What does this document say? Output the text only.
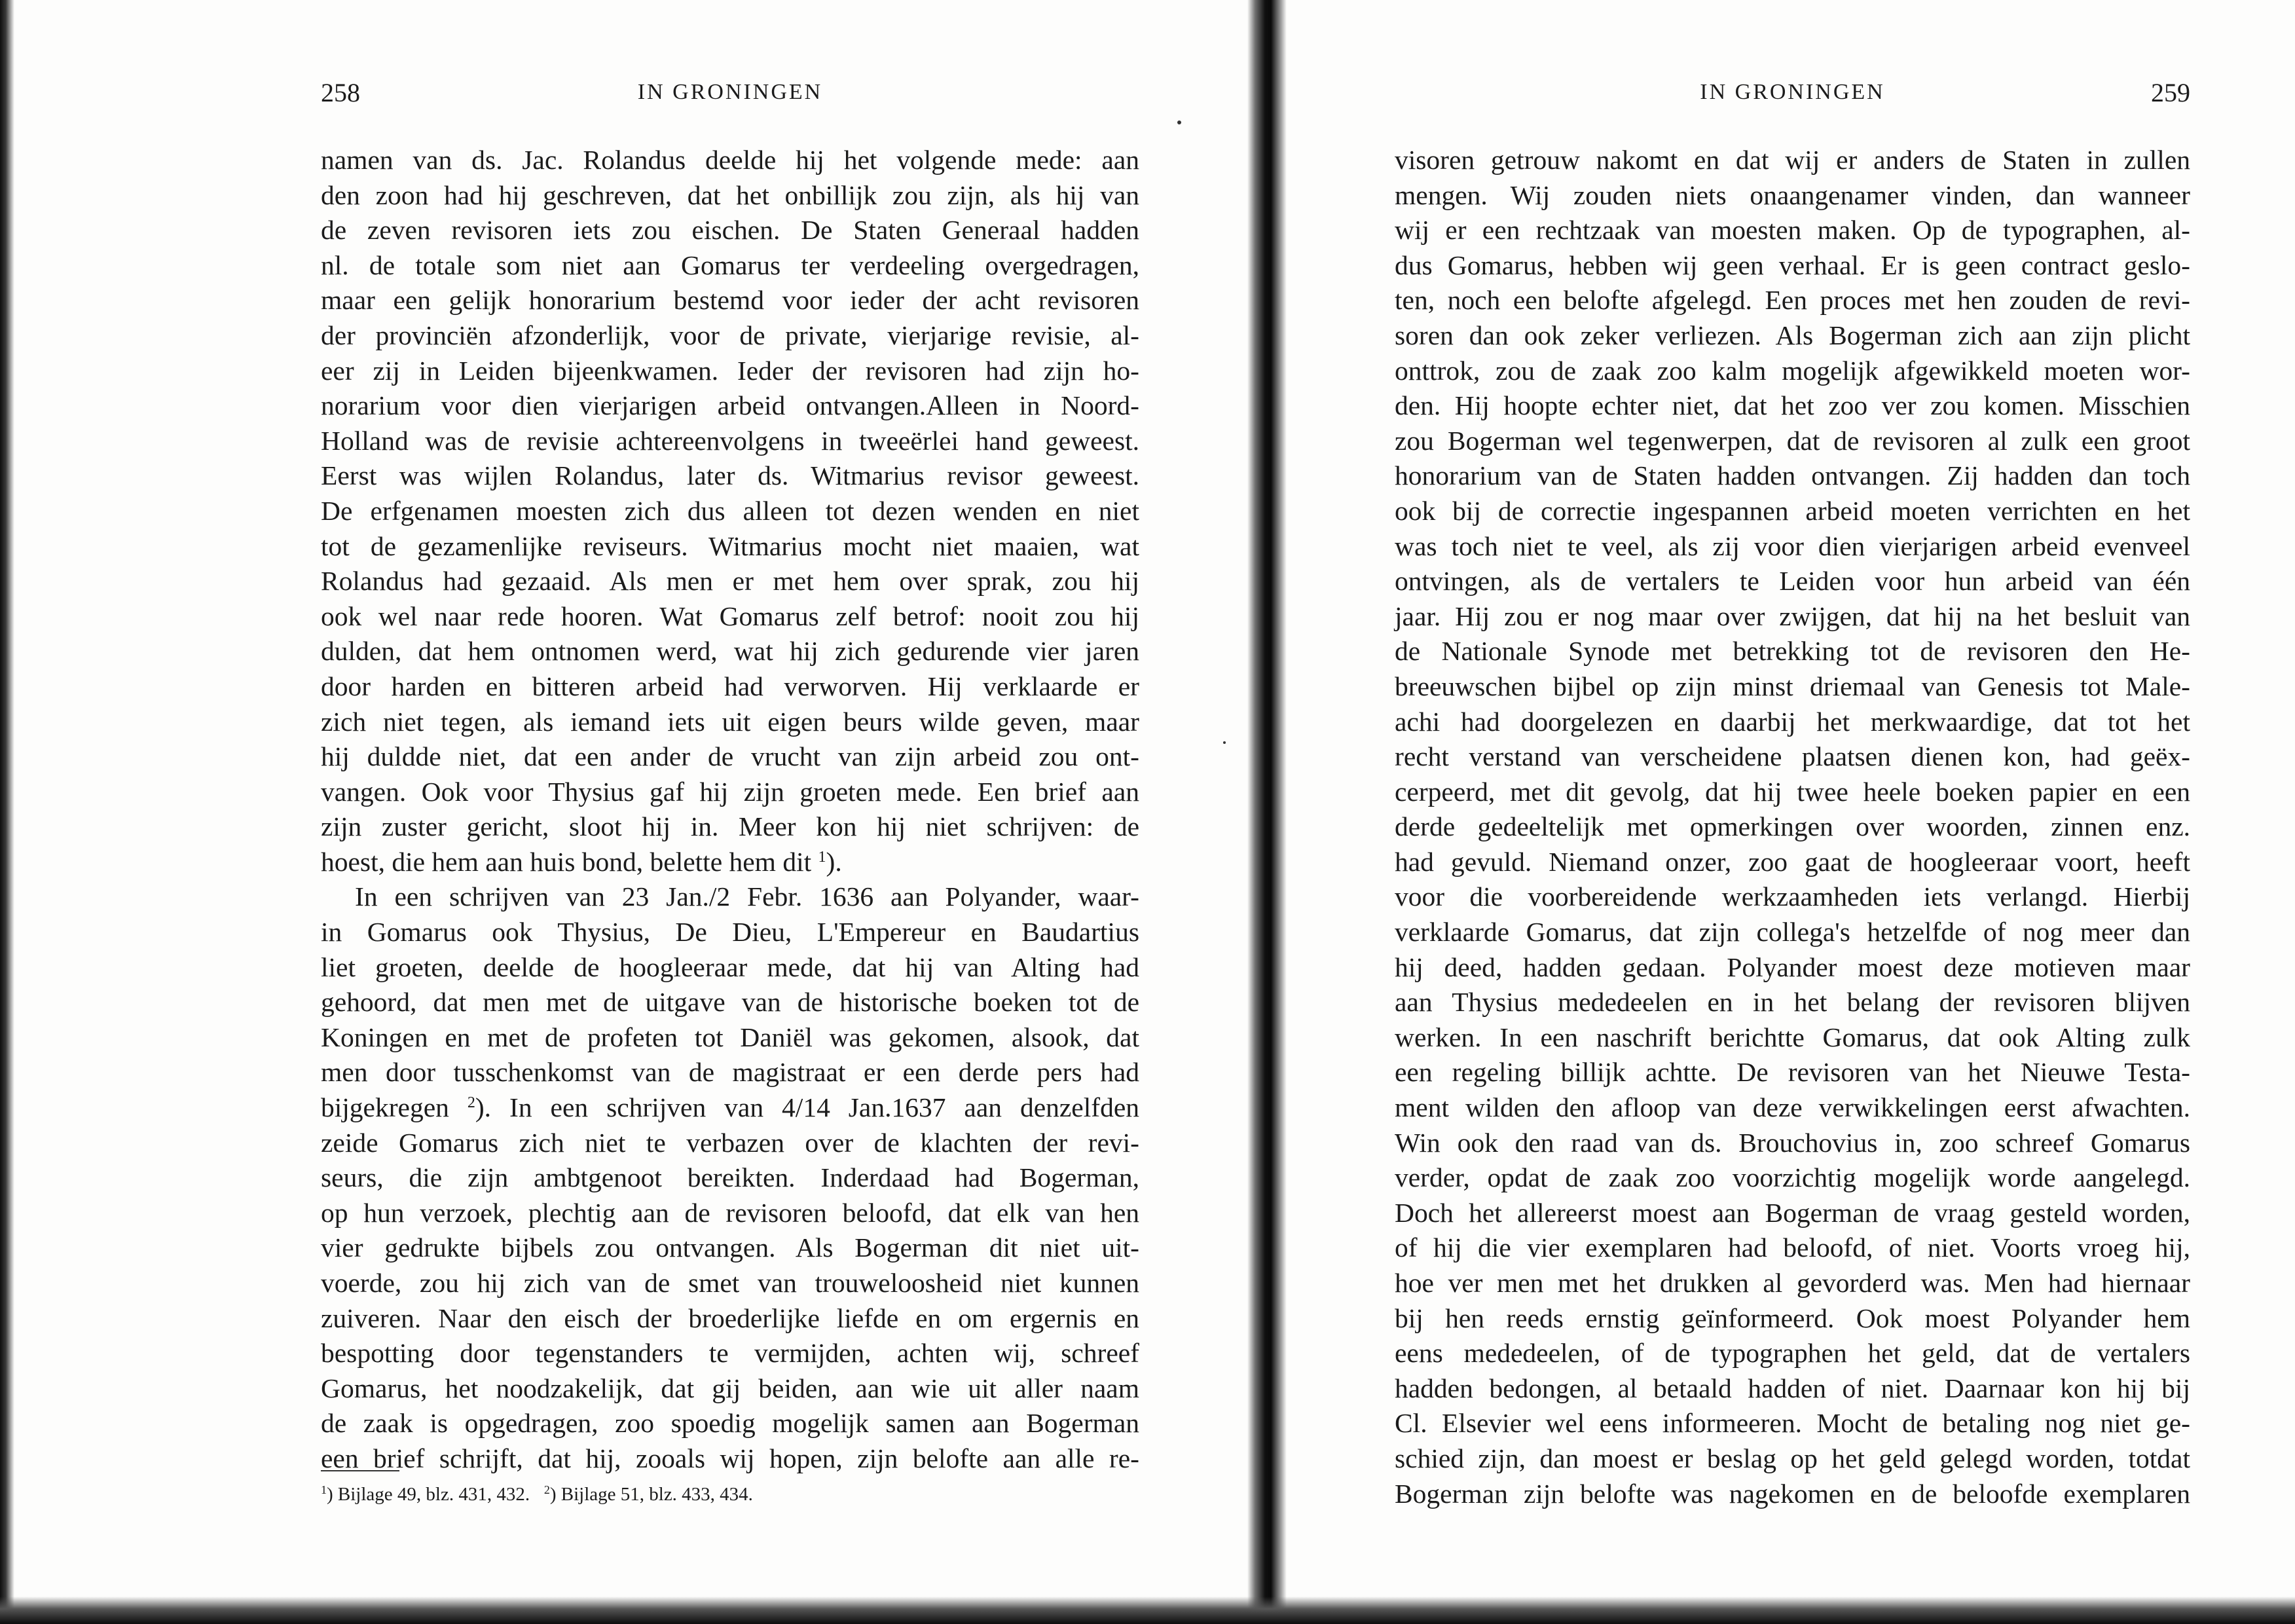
258	IN GRONINGEN
namen van ds. Jac. Rolandus deelde hij het volgende mede: aan
den zoon had hij geschreven, dat het onbillijk zou zijn, als hij van
de zeven revisoren iets zou eischen. De Staten Generaal hadden
nl. de totale som niet aan Gomarus ter verdeeling overgedragen,
maar een gelijk honorarium bestemd voor ieder der acht revisoren
der provinciën afzonderlijk, voor de private, vierjarige revisie, al-
eer zij in Leiden bijeenkwamen. Ieder der revisoren had zijn ho-
norarium voor dien vierjarigen arbeid ontvangen.Alleen in Noord-
Holland was de revisie achtereenvolgens in tweeërlei hand geweest.
Eerst was wijlen Rolandus, later ds. Witmarius revisor geweest.
De erfgenamen moesten zich dus alleen tot dezen wenden en niet
tot de gezamenlijke reviseurs. Witmarius mocht niet maaien, wat
Rolandus had gezaaid. Als men er met hem over sprak, zou hij
ook wel naar rede hooren. Wat Gomarus zelf betrof: nooit zou hij
dulden, dat hem ontnomen werd, wat hij zich gedurende vier jaren
door harden en bitteren arbeid had verworven. Hij verklaarde er
zich niet tegen, als iemand iets uit eigen beurs wilde geven, maar
hij duldde niet, dat een ander de vrucht van zijn arbeid zou ont-
vangen. Ook voor Thysius gaf hij zijn groeten mede. Een brief aan
zijn zuster gericht, sloot hij in. Meer kon hij niet schrijven: de
hoest, die hem aan huis bond, belette hem dit $^1$).
In een schrijven van 23 Jan./2 Febr. 1636 aan Polyander, waar-
in Gomarus ook Thysius, De Dieu, L'Empereur en Baudartius
liet groeten, deelde de hoogleeraar mede, dat hij van Alting had
gehoord, dat men met de uitgave van de historische boeken tot de
Koningen en met de profeten tot Daniël was gekomen, alsook, dat
men door tusschenkomst van de magistraat er een derde pers had
bijgekregen $^2$). In een schrijven van 4/14 Jan.1637 aan denzelfden
zeide Gomarus zich niet te verbazen over de klachten der revi-
seurs, die zijn ambtgenoot bereikten. Inderdaad had Bogerman,
op hun verzoek, plechtig aan de revisoren beloofd, dat elk van hen
vier gedrukte bijbels zou ontvangen. Als Bogerman dit niet uit-
voerde, zou hij zich van de smet van trouweloosheid niet kunnen
zuiveren. Naar den eisch der broederlijke liefde en om ergernis en
bespotting door tegenstanders te vermijden, achten wij, schreef
Gomarus, het noodzakelijk, dat gij beiden, aan wie uit aller naam
de zaak is opgedragen, zoo spoedig mogelijk samen aan Bogerman
een brief schrijft, dat hij, zooals wij hopen, zijn belofte aan alle re-
$^1$) Bijlage 49, blz. 431, 432. $^2$) Bijlage 51, blz. 433, 434.
IN GRONINGEN	259
visoren getrouw nakomt en dat wij er anders de Staten in zullen
mengen. Wij zouden niets onaangenamer vinden, dan wanneer
wij er een rechtzaak van moesten maken. Op de typographen, al-
dus Gomarus, hebben wij geen verhaal. Er is geen contract geslo-
ten, noch een belofte afgelegd. Een proces met hen zouden de revi-
soren dan ook zeker verliezen. Als Bogerman zich aan zijn plicht
onttrok, zou de zaak zoo kalm mogelijk afgewikkeld moeten wor-
den. Hij hoopte echter niet, dat het zoo ver zou komen. Misschien
zou Bogerman wel tegenwerpen, dat de revisoren al zulk een groot
honorarium van de Staten hadden ontvangen. Zij hadden dan toch
ook bij de correctie ingespannen arbeid moeten verrichten en het
was toch niet te veel, als zij voor dien vierjarigen arbeid evenveel
ontvingen, als de vertalers te Leiden voor hun arbeid van één
jaar. Hij zou er nog maar over zwijgen, dat hij na het besluit van
de Nationale Synode met betrekking tot de revisoren den He-
breeuwschen bijbel op zijn minst driemaal van Genesis tot Male-
achi had doorgelezen en daarbij het merkwaardige, dat tot het
recht verstand van verscheidene plaatsen dienen kon, had geëx-
cerpeerd, met dit gevolg, dat hij twee heele boeken papier en een
derde gedeeltelijk met opmerkingen over woorden, zinnen enz.
had gevuld. Niemand onzer, zoo gaat de hoogleeraar voort, heeft
voor die voorbereidende werkzaamheden iets verlangd. Hierbij
verklaarde Gomarus, dat zijn collega's hetzelfde of nog meer dan
hij deed, hadden gedaan. Polyander moest deze motieven maar
aan Thysius mededeelen en in het belang der revisoren blijven
werken. In een naschrift berichtte Gomarus, dat ook Alting zulk
een regeling billijk achtte. De revisoren van het Nieuwe Testa-
ment wilden den afloop van deze verwikkelingen eerst afwachten.
Win ook den raad van ds. Brouchovius in, zoo schreef Gomarus
verder, opdat de zaak zoo voorzichtig mogelijk worde aangelegd.
Doch het allereerst moest aan Bogerman de vraag gesteld worden,
of hij die vier exemplaren had beloofd, of niet. Voorts vroeg hij,
hoe ver men met het drukken al gevorderd was. Men had hiernaar
bij hen reeds ernstig geïnformeerd. Ook moest Polyander hem
eens mededeelen, of de typographen het geld, dat de vertalers
hadden bedongen, al betaald hadden of niet. Daarnaar kon hij bij
Cl. Elsevier wel eens informeeren. Mocht de betaling nog niet ge-
schied zijn, dan moest er beslag op het geld gelegd worden, totdat
Bogerman zijn belofte was nagekomen en de beloofde exemplaren
